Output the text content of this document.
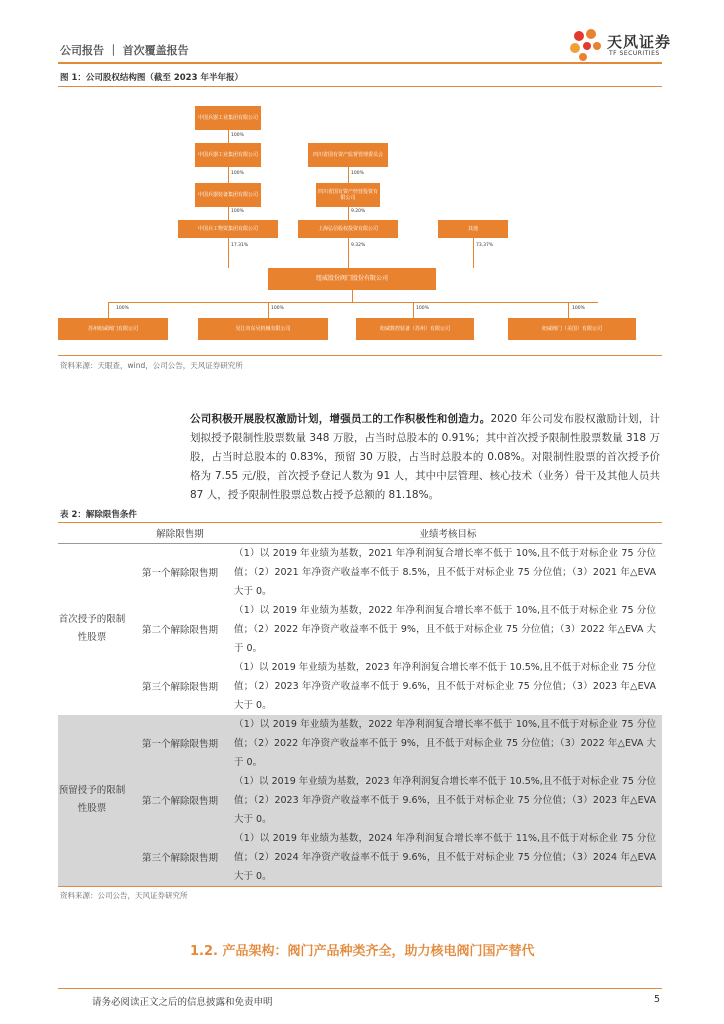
公司报告 ｜ 首次覆盖报告	天风证券
TF SECURITIES
图 1：公司股权结构图（截至 2023 年半年报）
中国兵器工业集团有限公司
100%
中国兵器工业集团有限公司
100%
中国兵器装备集团有限公司
100%
中国兵工物资集团有限公司
17.31%
四川省国有资产监督管理委员会
100%
四川省国有资产经营投资有限公司
9.20%
上海弘信股权投资有限公司
9.32%
其他
73.37%
纽威股份阀门股份有限公司
100%
苏州纽威阀门有限公司
100%
吴江市东吴机械有限公司
100%
纽威数控装备（苏州）有限公司
100%
纽威阀门（美国）有限公司
资料来源：天眼查，wind，公司公告，天风证券研究所
公司积极开展股权激励计划，增强员工的工作积极性和创造力。2020 年公司发布股权激励计划，计划拟授予限制性股票数量 348 万股，占当时总股本的 0.91%；其中首次授予限制性股票数量 318 万股，占当时总股本的 0.83%，预留 30 万股，占当时总股本的 0.08%。对限制性股票的首次授予价格为 7.55 元/股，首次授予登记人数为 91 人，其中中层管理、核心技术（业务）骨干及其他人员共 87 人，授予限制性股票总数占授予总额的 81.18%。
表 2：解除限售条件
	解除限售期	业绩考核目标
首次授予的限制性股票	第一个解除限售期	（1）以 2019 年业绩为基数，2021 年净利润复合增长率不低于 10%,且不低于对标企业 75 分位值；（2）2021 年净资产收益率不低于 8.5%，且不低于对标企业 75 分位值；（3）2021 年△EVA 大于 0。
	第二个解除限售期	（1）以 2019 年业绩为基数，2022 年净利润复合增长率不低于 10%,且不低于对标企业 75 分位值；（2）2022 年净资产收益率不低于 9%，且不低于对标企业 75 分位值；（3）2022 年△EVA 大于 0。
	第三个解除限售期	（1）以 2019 年业绩为基数，2023 年净利润复合增长率不低于 10.5%,且不低于对标企业 75 分位值；（2）2023 年净资产收益率不低于 9.6%，且不低于对标企业 75 分位值；（3）2023 年△EVA 大于 0。
预留授予的限制性股票	第一个解除限售期	（1）以 2019 年业绩为基数，2022 年净利润复合增长率不低于 10%,且不低于对标企业 75 分位值；（2）2022 年净资产收益率不低于 9%，且不低于对标企业 75 分位值；（3）2022 年△EVA 大于 0。
	第二个解除限售期	（1）以 2019 年业绩为基数，2023 年净利润复合增长率不低于 10.5%,且不低于对标企业 75 分位值；（2）2023 年净资产收益率不低于 9.6%，且不低于对标企业 75 分位值；（3）2023 年△EVA 大于 0。
	第三个解除限售期	（1）以 2019 年业绩为基数，2024 年净利润复合增长率不低于 11%,且不低于对标企业 75 分位值；（2）2024 年净资产收益率不低于 9.6%，且不低于对标企业 75 分位值；（3）2024 年△EVA 大于 0。
资料来源：公司公告，天风证券研究所
1.2. 产品架构：阀门产品种类齐全，助力核电阀门国产替代
请务必阅读正文之后的信息披露和免责申明	5
